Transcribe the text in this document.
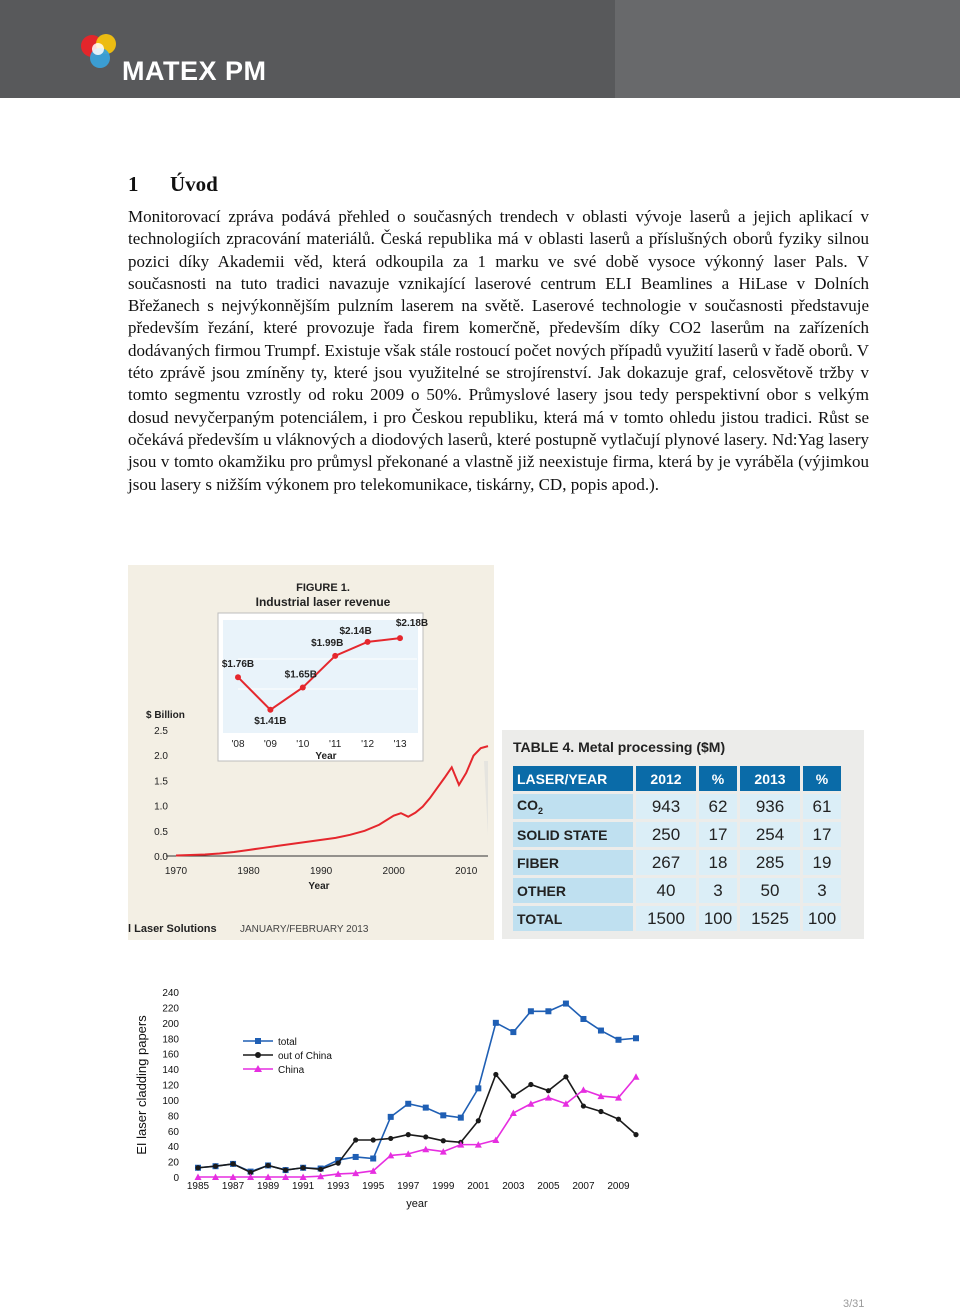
MATEX PM
1 Úvod
Monitorovací zpráva podává přehled o současných trendech v oblasti vývoje laserů a jejich aplikací v technologiích zpracování materiálů. Česká republika má v oblasti laserů a příslušných oborů fyziky silnou pozici díky Akademii věd, která odkoupila za 1 marku ve své době vysoce výkonný laser Pals. V současnosti na tuto tradici navazuje vznikající laserové centrum ELI Beamlines a HiLase v Dolních Břežanech s nejvýkonnějším pulzním laserem na světě. Laserové technologie v současnosti představuje především řezání, které provozuje řada firem komerčně, především díky CO2 laserům na zařízeních dodávaných firmou Trumpf. Existuje však stále rostoucí počet nových případů využití laserů v řadě oborů. V této zprávě jsou zmíněny ty, které jsou využitelné se strojírenství. Jak dokazuje graf, celosvětově tržby v tomto segmentu vzrostly od roku 2009 o 50%. Průmyslové lasery jsou tedy perspektivní obor s velkým dosud nevyčerpaným potenciálem, i pro Českou republiku, která má v tomto ohledu jistou tradici. Růst se očekává především u vláknových a diodových laserů, které postupně vytlačují plynové lasery. Nd:Yag lasery jsou v tomto okamžiku pro průmysl překonané a vlastně již neexistuje firma, která by je vyráběla (výjimkou jsou lasery s nižším výkonem pro telekomunikace, tiskárny, CD, popis apod.).
FIGURE 1.
Industrial laser revenue
$1.76B
$1.41B
$1.65B
$1.99B
$2.14B
$2.18B
'08 '09 '10 '11 '12 '13
Year
$ Billion
0.0
0.5
1.0
1.5
2.0
2.5
1970	1980	1990	2000	2010
Year
l Laser Solutions JANUARY/FEBRUARY 2013
TABLE 4. Metal processing ($M)
LASER/YEAR	2012	%	2013	%
$CO_2$	943	62	936	61
SOLID STATE	250	17	254	17
FIBER	267	18	285	19
OTHER	40	3	50	3
TOTAL	1500	100	1525	100
EI laser cladding papers
0
20
40
60
80
100
120
140
160
180
200
220
240
1985 1987 1989 1991 1993 1995 1997 1999 2001 2003 2005 2007 2009
year
total
out of China
China
3/31
